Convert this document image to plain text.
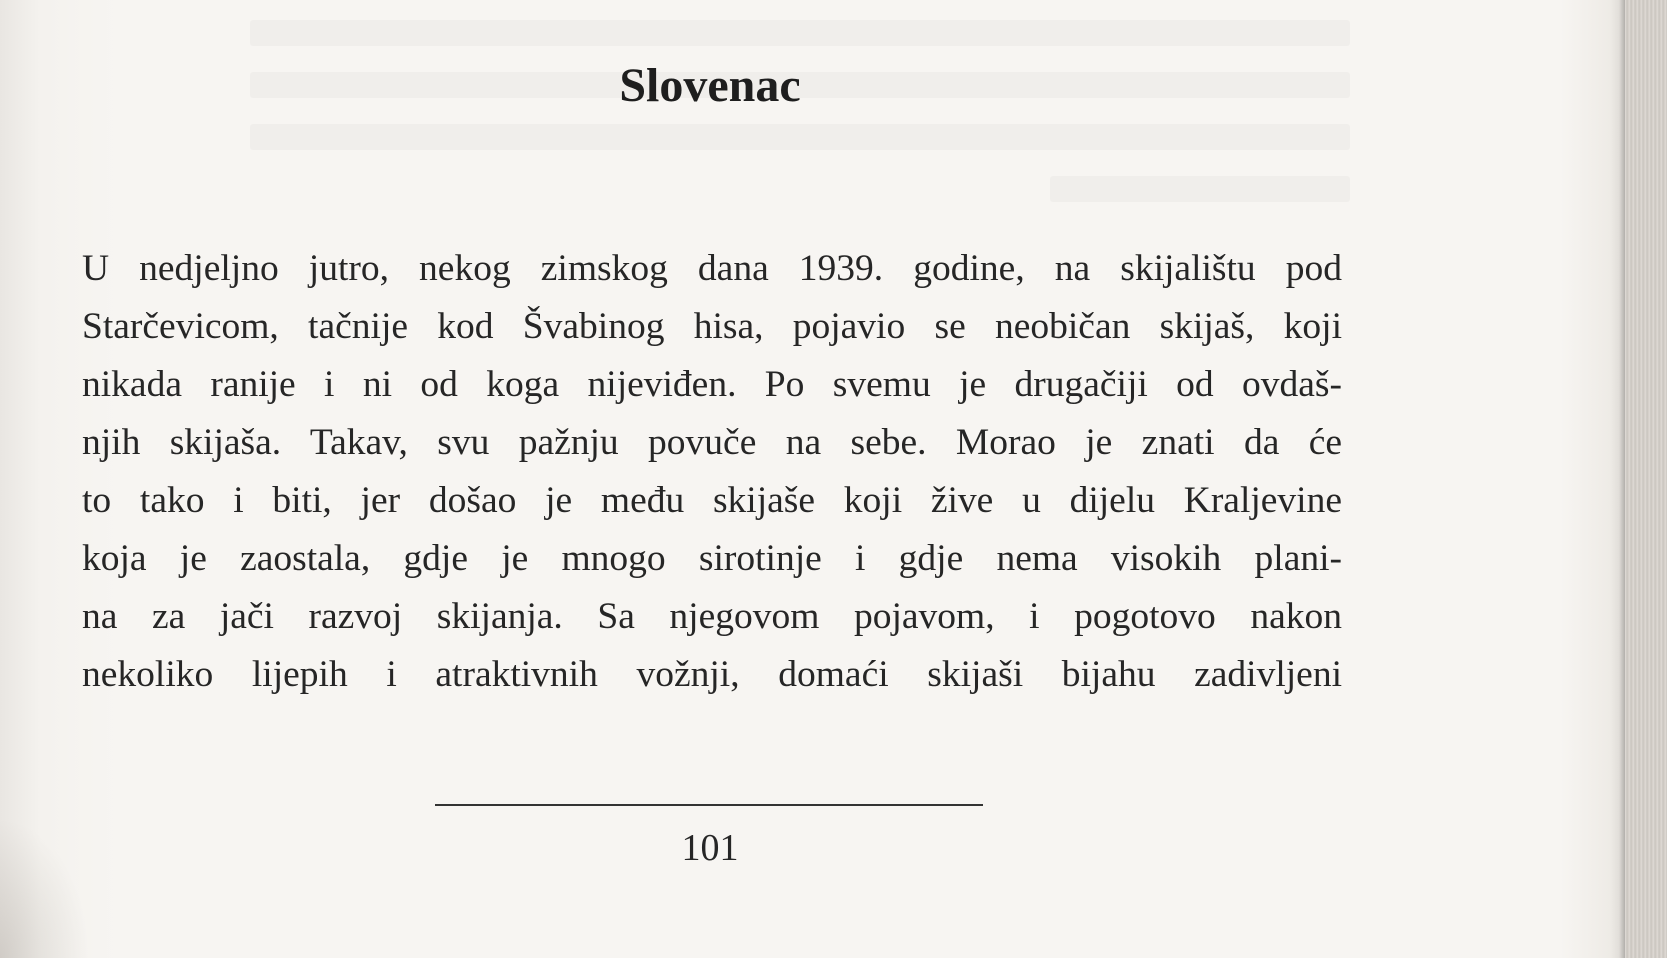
Slovenac
U nedjeljno jutro, nekog zimskog dana 1939. godine, na skijalištu pod
Starčevicom, tačnije kod Švabinog hisa, pojavio se neobičan skijaš, koji
nikada ranije i ni od koga nijeviđen. Po svemu je drugačiji od ovdaš-
njih skijaša. Takav, svu pažnju povuče na sebe. Morao je znati da će
to tako i biti, jer došao je među skijaše koji žive u dijelu Kraljevine
koja je zaostala, gdje je mnogo sirotinje i gdje nema visokih plani-
na za jači razvoj skijanja. Sa njegovom pojavom, i pogotovo nakon
nekoliko lijepih i atraktivnih vožnji, domaći skijaši bijahu zadivljeni
101
